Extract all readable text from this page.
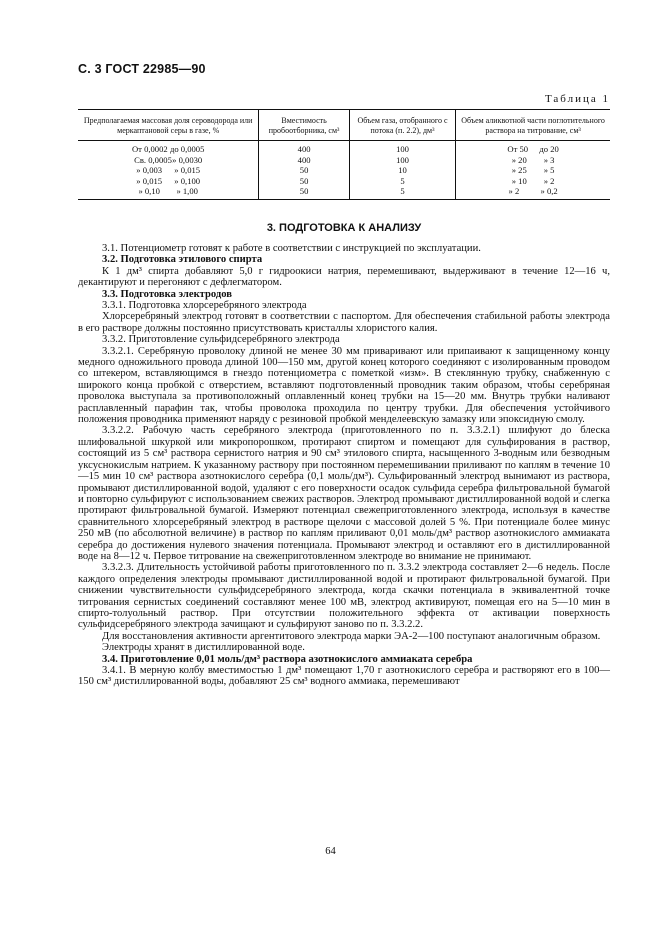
С. 3 ГОСТ 22985—90
Таблица 1
Предполагаемая массовая доля сероводорода или меркаптановой серы в газе, %	Вместимость пробоотборника, см³	Объем газа, отобранного с потока (п. 2.2), дм³	Объем аликвотной части поглотительного раствора на титрование, см³
От 0,0002 до 0,0005	400	100	От 50 до 20
Св. 0,0005» 0,0030	400	100	» 20 » 3
» 0,003 » 0,015	50	10	» 25 » 5
» 0,015 » 0,100	50	5	» 10 » 2
» 0,10 » 1,00	50	5	» 2 » 0,2
3. ПОДГОТОВКА К АНАЛИЗУ

3.1. Потенциометр готовят к работе в соответствии с инструкцией по эксплуатации.

3.2. Подготовка этилового спирта

К 1 дм³ спирта добавляют 5,0 г гидроокиси натрия, перемешивают, выдерживают в течение 12—16 ч, декантируют и перегоняют с дефлегматором.

3.3. Подготовка электродов

3.3.1. Подготовка хлорсеребряного электрода

Хлорсеребряный электрод готовят в соответствии с паспортом. Для обеспечения стабильной работы электрода в его растворе должны постоянно присутствовать кристаллы хлористого калия.

3.3.2. Приготовление сульфидсеребряного электрода

3.3.2.1. Серебряную проволоку длиной не менее 30 мм приваривают или припаивают к защищенному концу медного одножильного провода длиной 100—150 мм, другой конец которого соединяют с изолированным проводом со штекером, вставляющимся в гнездо потенциометра с пометкой «изм». В стеклянную трубку, снабженную с широкого конца пробкой с отверстием, вставляют подготовленный проводник таким образом, чтобы серебряная проволока выступала за противоположный оплавленный конец трубки на 15—20 мм. Внутрь трубки наливают расплавленный парафин так, чтобы проволока проходила по центру трубки. Для обеспечения устойчивого положения проводника применяют наряду с резиновой пробкой менделеевскую замазку или эпоксидную смолу.

3.3.2.2. Рабочую часть серебряного электрода (приготовленного по п. 3.3.2.1) шлифуют до блеска шлифовальной шкуркой или микропорошком, протирают спиртом и помещают для сульфирования в раствор, состоящий из 5 см³ раствора сернистого натрия и 90 см³ этилового спирта, насыщенного 3-водным или безводным уксуснокислым натрием. К указанному раствору при постоянном перемешивании приливают по каплям в течение 10—15 мин 10 см³ раствора азотнокислого серебра (0,1 моль/дм³). Сульфированный электрод вынимают из раствора, промывают дистиллированной водой, удаляют с его поверхности осадок сульфида серебра фильтровальной бумагой и повторно сульфируют с использованием свежих растворов. Электрод промывают дистиллированной водой и слегка протирают фильтровальной бумагой. Измеряют потенциал свежеприготовленного электрода, используя в качестве сравнительного хлорсеребряный электрод в растворе щелочи с массовой долей 5 %. При потенциале более минус 250 мВ (по абсолютной величине) в раствор по каплям приливают 0,01 моль/дм³ раствор азотнокислого аммиаката серебра до достижения нулевого значения потенциала. Промывают электрод и оставляют его в дистиллированной воде на 8—12 ч. Первое титрование на свежеприготовленном электроде во внимание не принимают.

3.3.2.3. Длительность устойчивой работы приготовленного по п. 3.3.2 электрода составляет 2—6 недель. После каждого определения электроды промывают дистиллированной водой и протирают фильтровальной бумагой. При снижении чувствительности сульфидсеребряного электрода, когда скачки потенциала в эквивалентной точке титрования сернистых соединений составляют менее 100 мВ, электрод активируют, помещая его на 5—10 мин в спирто-толуольный раствор. При отсутствии положительного эффекта от активации поверхность сульфидсеребряного электрода зачищают и сульфируют заново по п. 3.3.2.2.

Для восстановления активности аргентитового электрода марки ЭА-2—100 поступают аналогичным образом.

Электроды хранят в дистиллированной воде.

3.4. Приготовление 0,01 моль/дм³ раствора азотнокислого аммиаката серебра

3.4.1. В мерную колбу вместимостью 1 дм³ помещают 1,70 г азотнокислого серебра и растворяют его в 100—150 см³ дистиллированной воды, добавляют 25 см³ водного аммиака, перемешивают

64
